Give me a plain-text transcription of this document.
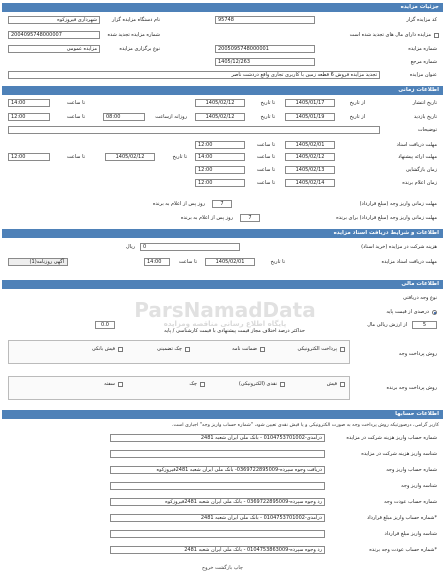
جزئیات مزایده
کد مزایده گزار
95748
نام دستگاه مزایده گزار
شهرداری فیروزکوه
مزایده دارای مال های تجدید شده است
شماره مزایده تجدید شده
2004095748000007
شماره مزایده
2005095748000001
نوع برگزاری مزایده
مزایده عمومی
شماره مرجع
1405/12/263
عنوان مزایده
تجدید مزایده فروش 6 قطعه زمین با کاربری تجاری واقع دردشت ناصر
اطلاعات زمانی
تاریخ انتشار
از تاریخ
1405/01/17
تا تاریخ
1405/02/12
تا ساعت
14:00
تاریخ بازدید
از تاریخ
1405/01/19
تا تاریخ
1405/02/12
روزانه ازساعت
08:00
تا ساعت
12:00
توضیحات
مهلت دریافت اسناد
1405/02/01
تا ساعت
12:00
مهلت ارائه پیشنهاد
1405/02/12
تا ساعت
14:00
تا تاریخ
1405/02/12
تا ساعت
12:00
زمان بازگشایی
1405/02/13
تا ساعت
12:00
زمان اعلام برنده
1405/02/14
تا ساعت
12:00
7
روز پس از اعلام به برنده	مهلت زمانی واریز وجه (مبلغ قرارداد)
مهلت زمانی واریز وجه (مبلغ قرارداد) برای برنده
7
روز پس از اعلام به برنده
اطلاعات و شرایط دریافت اسناد مزایده
هزینه شرکت در مزایده (خرید اسناد)
0
ریال
مهلت دریافت اسناد مزایده
تا تاریخ
1405/02/01
تا ساعت
14:00
آگهی روزنامه(1)
اطلاعات مالی
نوع وجه دریافتی
درصدی از قیمت پایه
5
از ارزش ریالی مال
حداکثر درصد اختلاف مجاز قیمت پیشنهادی با قیمت کارشناسی / پایه
0.0
روش پرداخت وجه
پرداخت الکترونیکی
ضمانت نامه
چک تضمینی
فیش بانکی
روش پرداخت وجه برنده
فیش
نقدی (الکترونیکی)
چک
سفته
ParsNamadData
پایگاه اطلاع رسانی مناقصه ومزایده
اطلاعات حسابها
کاربر گرامی، درصورتیکه روش پرداخت وجه به صورت الکترونیکی و یا فیش نقدی تعیین شود، "شماره حساب واریز وجه" اجباری است.
شماره حساب واریز هزینه شرکت در مزایده
درآمدی-0104753701002 - بانک ملی ایران شعبه 2481
شناسه واریز هزینه شرکت در مزایده
شماره حساب واریز وجه
دریافت وجوه سپرده-0369722895009- بانک ملی ایران شعبه 2481فیروزکوه
شناسه واریز وجه
شماره حساب عودت وجه
رد وجوه سپرده-0369722895009 - بانک ملی ایران شعبه 2481فیروزکوه
*شماره حساب واریز مبلغ قرارداد
درآمدی-0104753701002 - بانک ملی ایران شعبه 2481
شناسه واریز مبلغ قرارداد
*شماره حساب عودت وجه برنده
رد وجوه سپرده-0104753863009 - بانک ملی ایران شعبه 2481
چاپ بازگشت خروج
